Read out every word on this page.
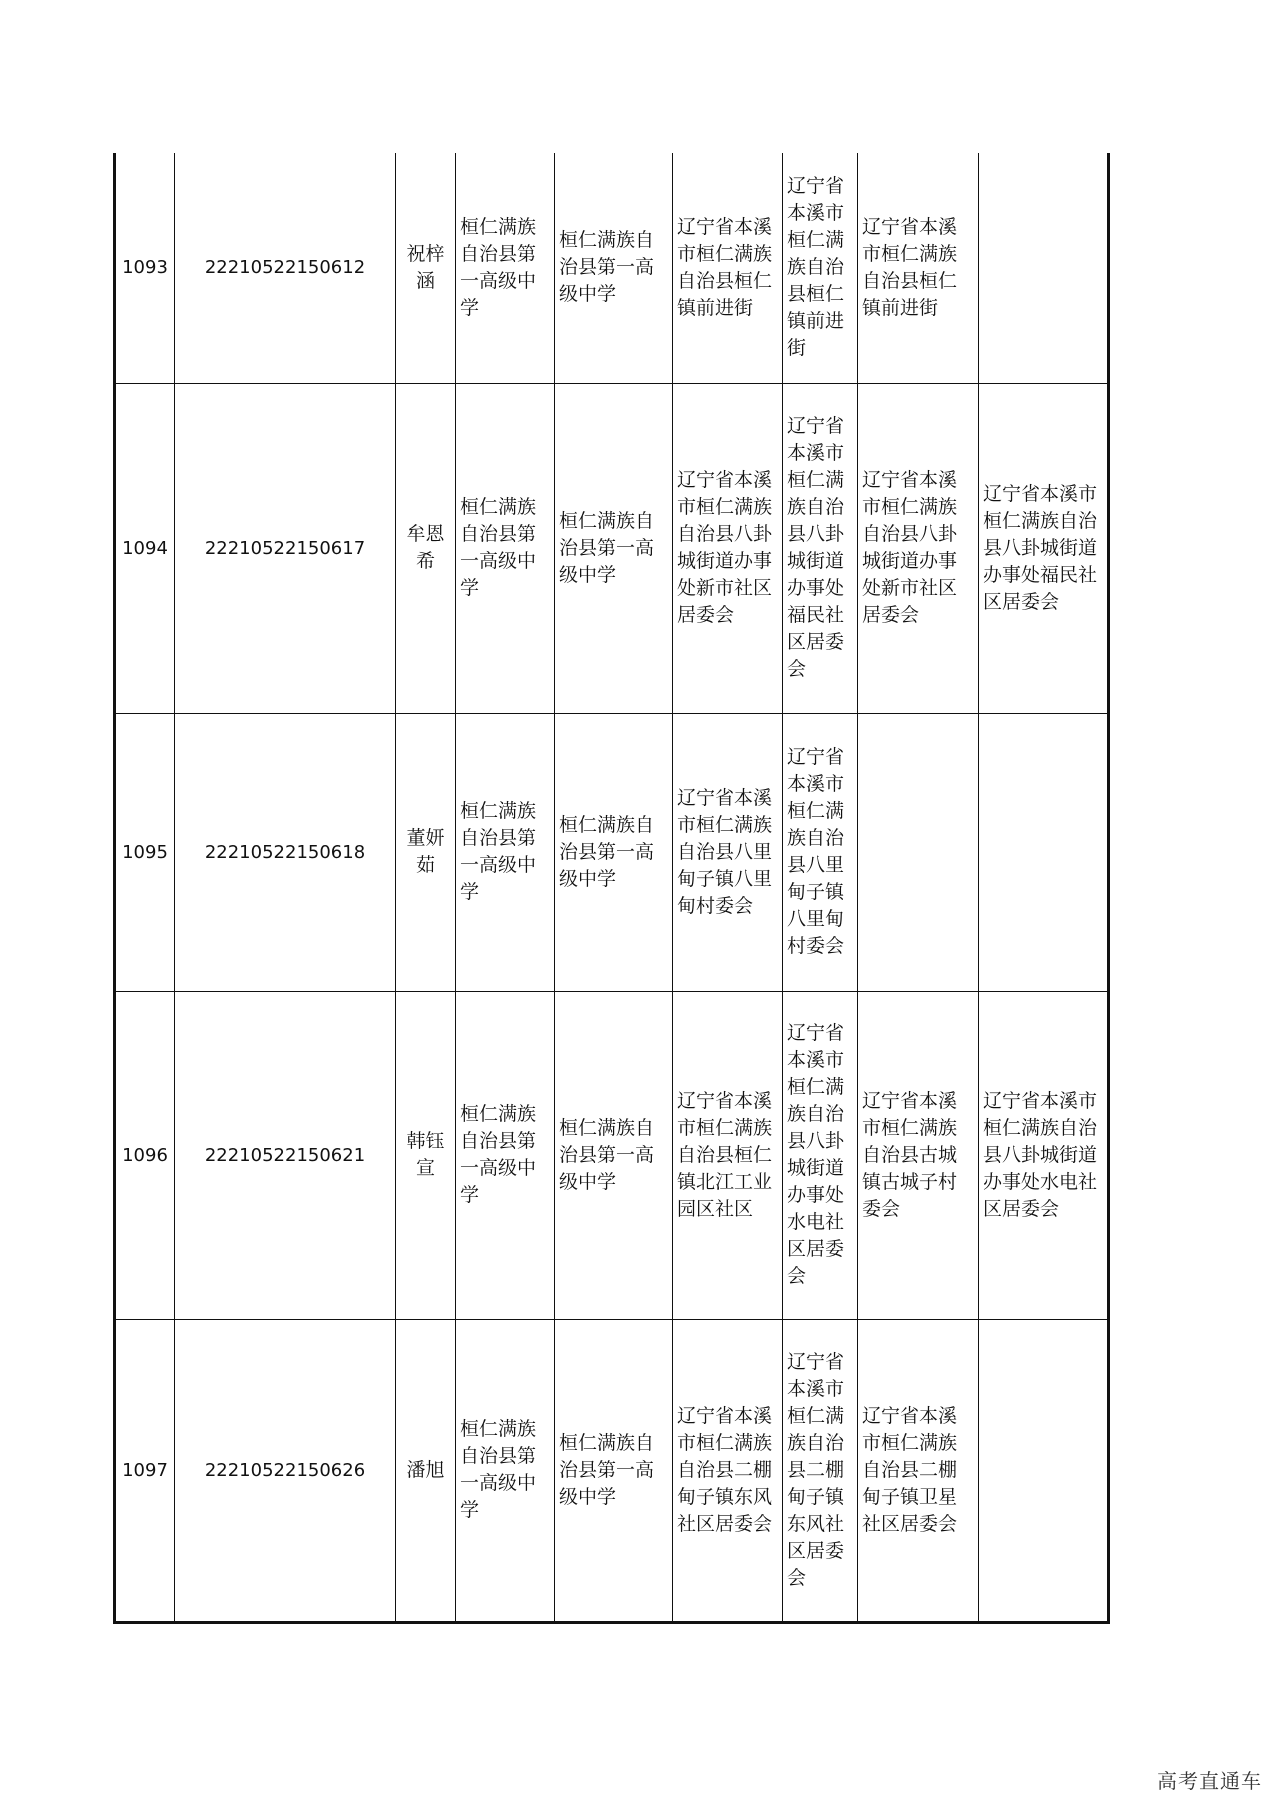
1093	22210522150612	祝梓涵	桓仁满族自治县第一高级中学	桓仁满族自治县第一高级中学	辽宁省本溪市桓仁满族自治县桓仁镇前进街	辽宁省本溪市桓仁满族自治县桓仁镇前进街	辽宁省本溪市桓仁满族自治县桓仁镇前进街	
1094	22210522150617	牟恩希	桓仁满族自治县第一高级中学	桓仁满族自治县第一高级中学	辽宁省本溪市桓仁满族自治县八卦城街道办事处新市社区居委会	辽宁省本溪市桓仁满族自治县八卦城街道办事处福民社区居委会	辽宁省本溪市桓仁满族自治县八卦城街道办事处新市社区居委会	辽宁省本溪市桓仁满族自治县八卦城街道办事处福民社区居委会
1095	22210522150618	董妍茹	桓仁满族自治县第一高级中学	桓仁满族自治县第一高级中学	辽宁省本溪市桓仁满族自治县八里甸子镇八里甸村委会	辽宁省本溪市桓仁满族自治县八里甸子镇八里甸村委会		
1096	22210522150621	韩钰宣	桓仁满族自治县第一高级中学	桓仁满族自治县第一高级中学	辽宁省本溪市桓仁满族自治县桓仁镇北江工业园区社区	辽宁省本溪市桓仁满族自治县八卦城街道办事处水电社区居委会	辽宁省本溪市桓仁满族自治县古城镇古城子村委会	辽宁省本溪市桓仁满族自治县八卦城街道办事处水电社区居委会
1097	22210522150626	潘旭	桓仁满族自治县第一高级中学	桓仁满族自治县第一高级中学	辽宁省本溪市桓仁满族自治县二棚甸子镇东风社区居委会	辽宁省本溪市桓仁满族自治县二棚甸子镇东风社区居委会	辽宁省本溪市桓仁满族自治县二棚甸子镇卫星社区居委会	
高考直通车
